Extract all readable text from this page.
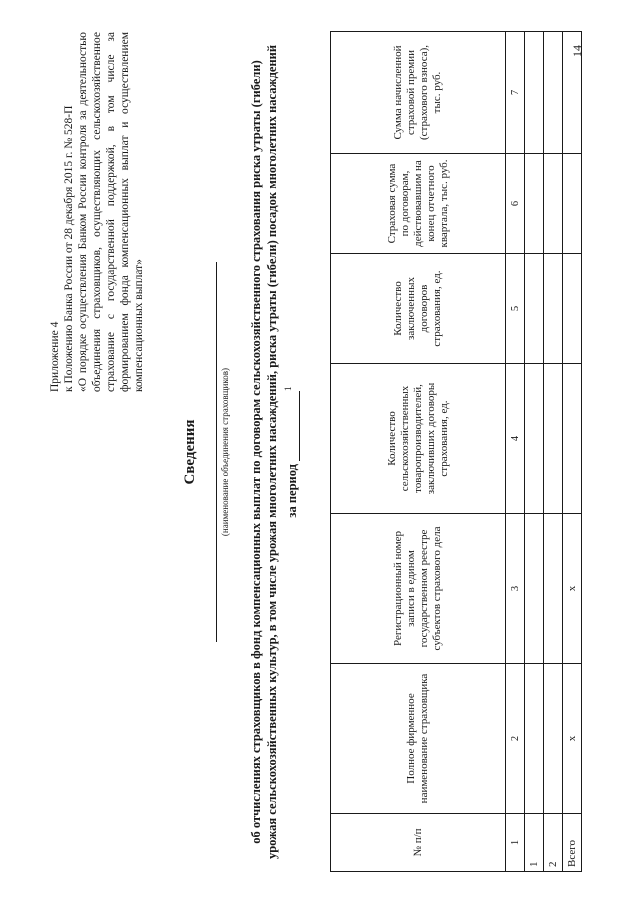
Приложение 4 к Положению Банка России от 28 декабря 2015 г. № 528-П «О порядке осуществления Банком России контроля за деятельностью объединения страховщиков, осуществляющих сельскохозяйственное страхование с государственной поддержкой, в том числе за формированием фонда компенсационных выплат и осуществлением компенсационных выплат»
Сведения (наименование объединения страховщиков) об отчислениях страховщиков в фонд компенсационных выплат по договорам сельскохозяйственного страхования риска утраты (гибели) урожая сельскохозяйственных культур, в том числе урожая многолетних насаждений, риска утраты (гибели) посадок многолетних насаждений за период $^1$
№ п/п	Полное фирменное наименование страховщика	Регистрационный номер записи в едином государственном реестре субъектов страхового дела	Количество сельскохозяйственных товаропроизводителей, заключивших договоры страхования, ед.	Количество заключенных договоров страхования, ед.	Страховая сумма по договорам, действовавшим на конец отчетного квартала, тыс. руб.	Сумма начисленной страховой премии (страхового взноса), тыс. руб.
1	2	3	4	5	6	7
1						
2						
Всего	х	х				
14
